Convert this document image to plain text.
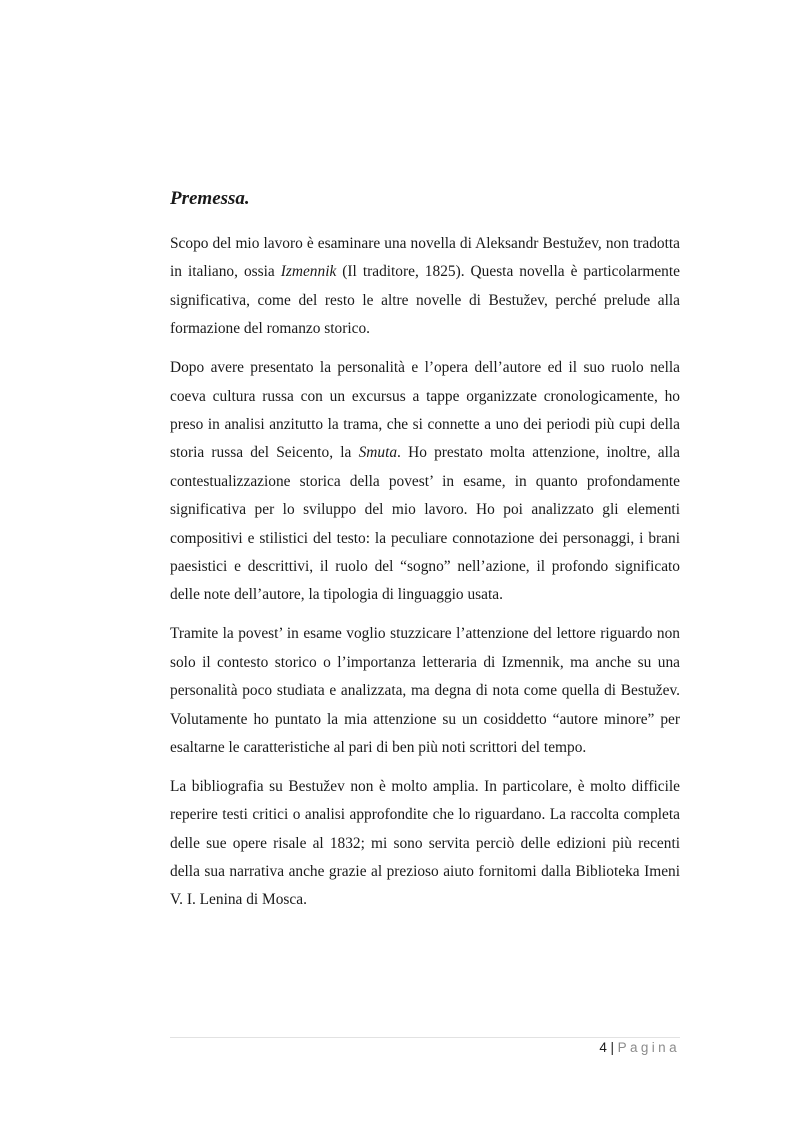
Premessa.

Scopo del mio lavoro è esaminare una novella di Aleksandr Bestužev, non tradotta in italiano, ossia Izmennik (Il traditore, 1825). Questa novella è particolarmente significativa, come del resto le altre novelle di Bestužev, perché prelude alla formazione del romanzo storico.

Dopo avere presentato la personalità e l’opera dell’autore ed il suo ruolo nella coeva cultura russa con un excursus a tappe organizzate cronologicamente, ho preso in analisi anzitutto la trama, che si connette a uno dei periodi più cupi della storia russa del Seicento, la Smuta. Ho prestato molta attenzione, inoltre, alla contestualizzazione storica della povest’ in esame, in quanto profondamente significativa per lo sviluppo del mio lavoro. Ho poi analizzato gli elementi compositivi e stilistici del testo: la peculiare connotazione dei personaggi, i brani paesistici e descrittivi, il ruolo del “sogno” nell’azione, il profondo significato delle note dell’autore, la tipologia di linguaggio usata.

Tramite la povest’ in esame voglio stuzzicare l’attenzione del lettore riguardo non solo il contesto storico o l’importanza letteraria di Izmennik, ma anche su una personalità poco studiata e analizzata, ma degna di nota come quella di Bestužev. Volutamente ho puntato la mia attenzione su un cosiddetto “autore minore” per esaltarne le caratteristiche al pari di ben più noti scrittori del tempo.

La bibliografia su Bestužev non è molto amplia. In particolare, è molto difficile reperire testi critici o analisi approfondite che lo riguardano. La raccolta completa delle sue opere risale al 1832; mi sono servita perciò delle edizioni più recenti della sua narrativa anche grazie al prezioso aiuto fornitomi dalla Biblioteka Imeni V. I. Lenina di Mosca.

4 | Pagina
